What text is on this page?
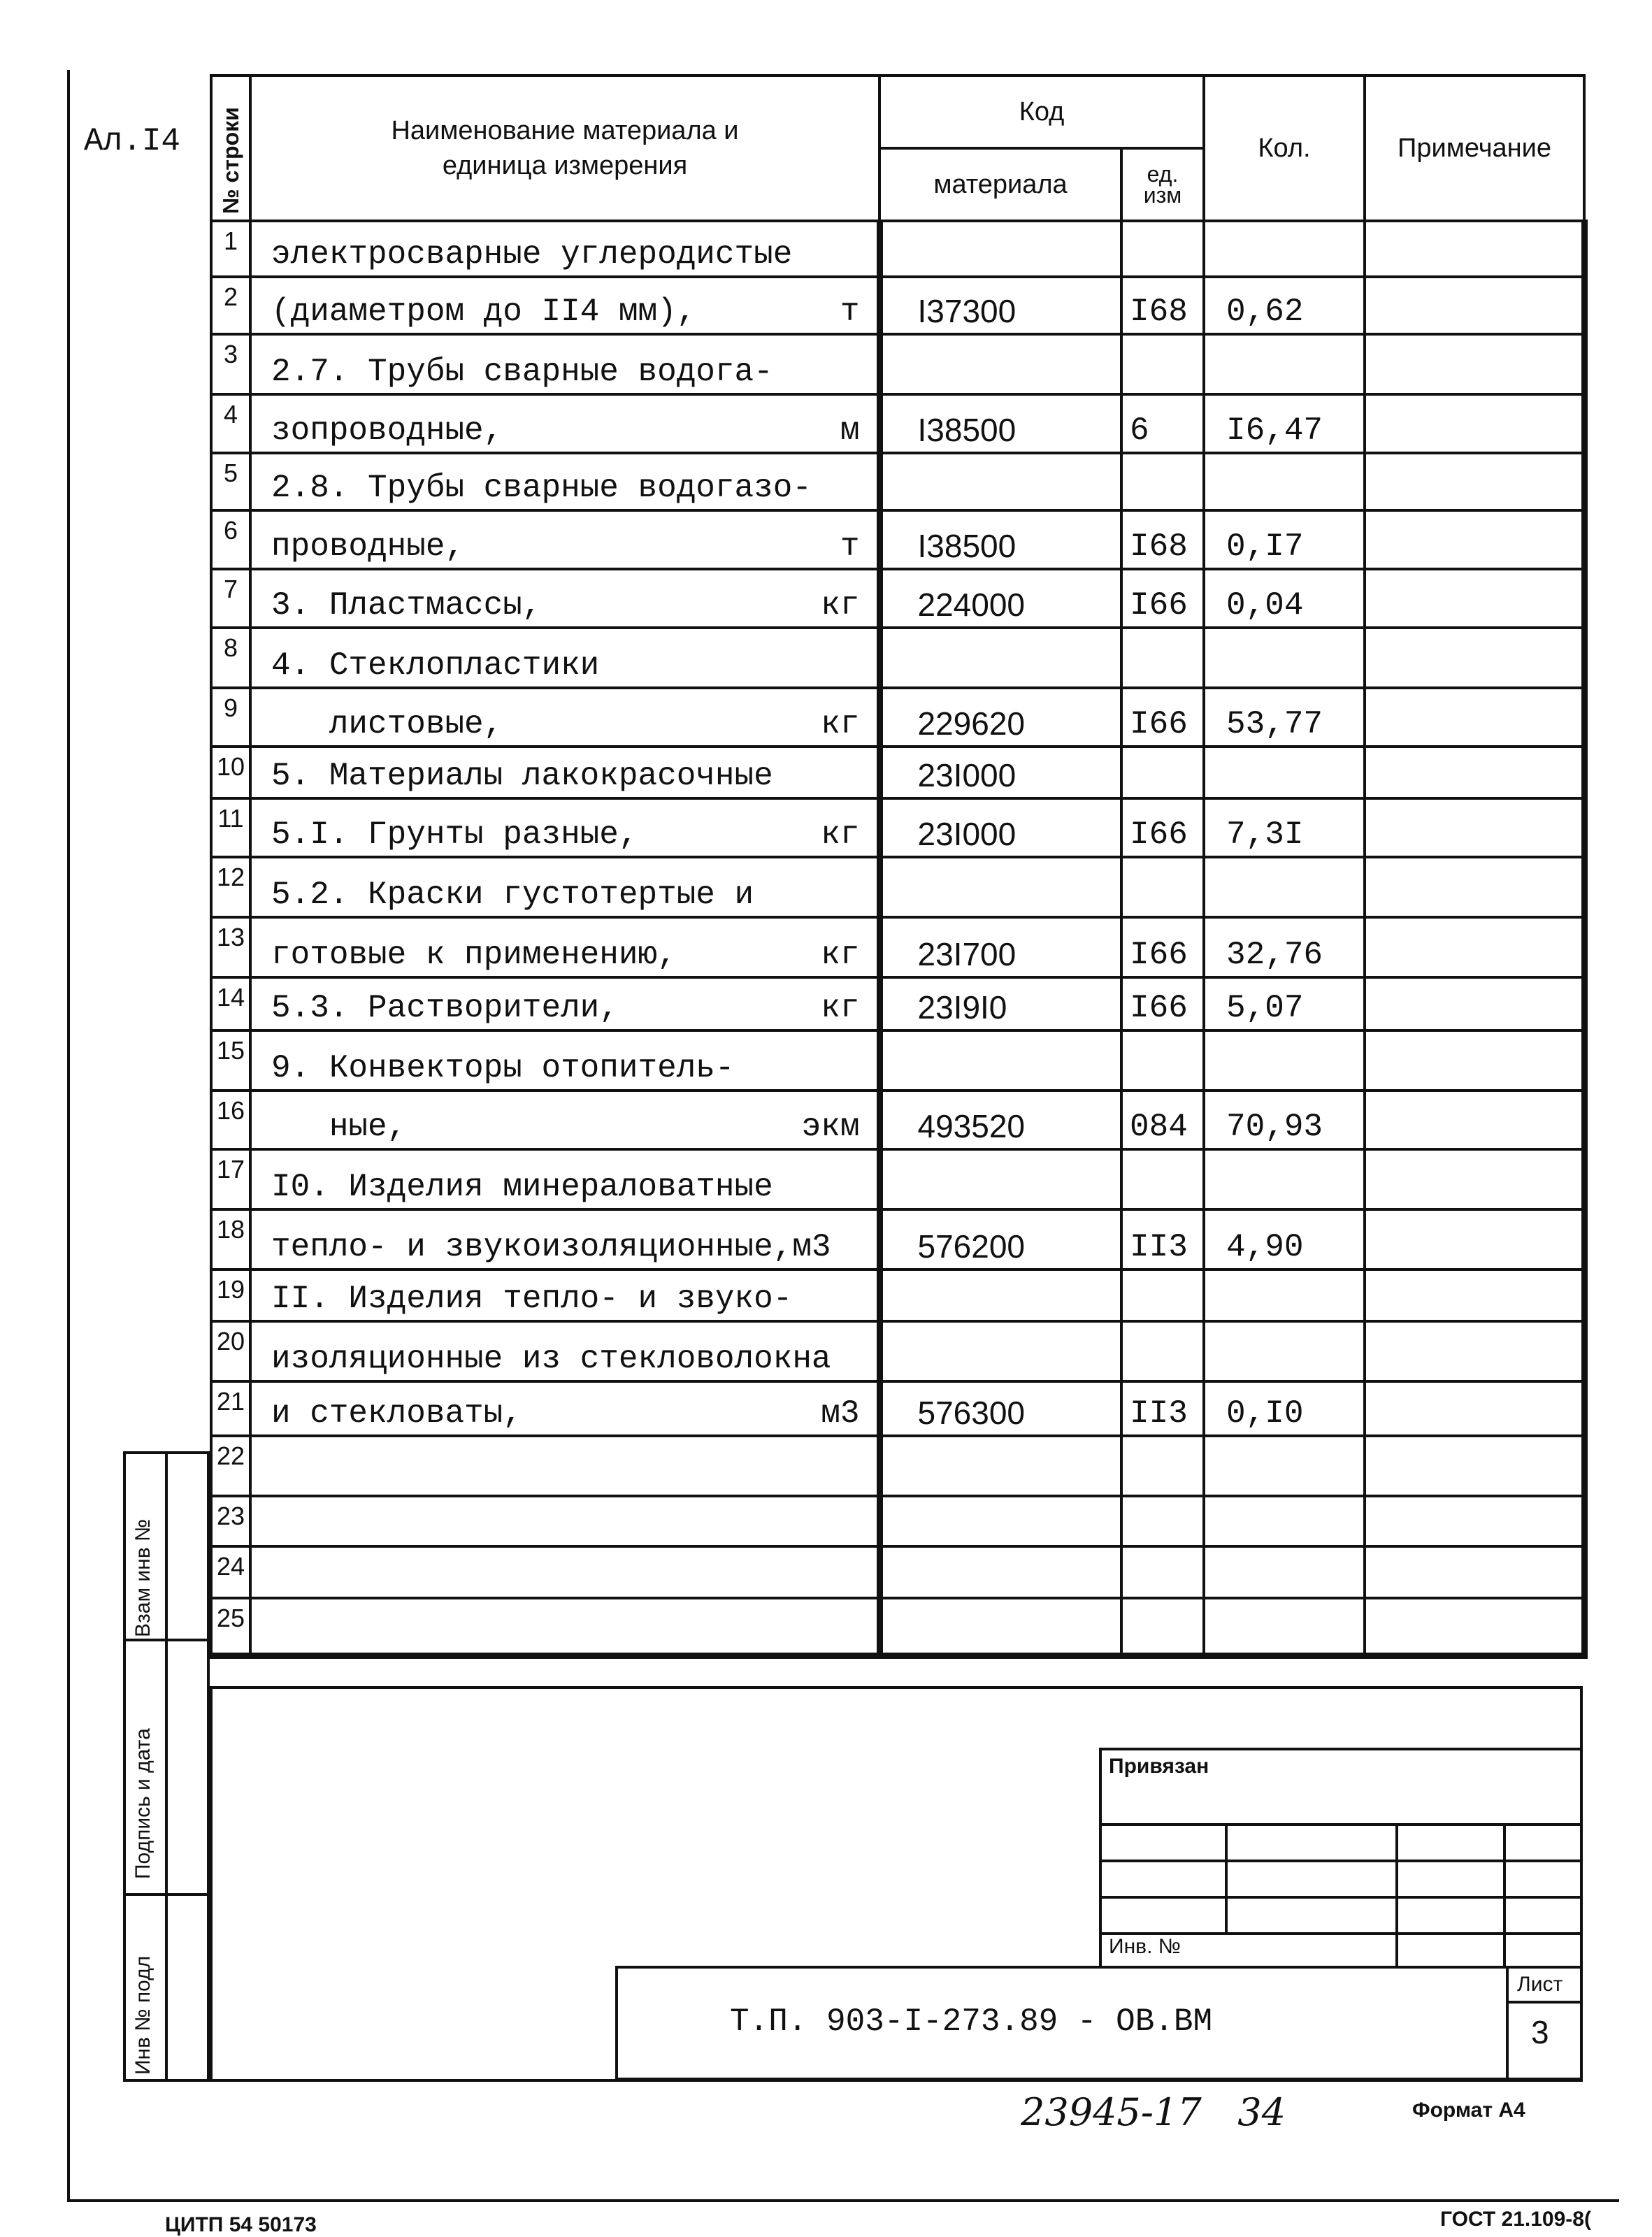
Ал.I4 № строки	Наименование материала и единица измерения	Код		Кол.	Примечание
		материала	ед. изм		

1	электросварные углеродистые

2	(диаметром до II4 мм), т	I37300	I68	0,62	
3	2.7. Трубы сварные водога-

4	зопроводные, м	I38500	6	I6,47	
5	2.8. Трубы сварные водогазо-

6	проводные, т	I38500	I68	0,I7	
7	3. Пластмассы, кг	224000	I66	0,04	
8	4. Стеклопластики

9	листовые, кг	229620	I66	53,77	
10	5. Материалы лакокрасочные	23I000			
11	5.I. Грунты разные, кг	23I000	I66	7,3I	
12	5.2. Краски густотертые и

13	готовые к применению, кг	23I700	I66	32,76	
14	5.3. Растворители, кг	23I9I0	I66	5,07	
15	9. Конвекторы отопитель-

16	ные, экм	493520	084	70,93	
17	I0. Изделия минераловатные

18	тепло- и звукоизоляционные,м3	576200	II3	4,90	
19	II. Изделия тепло- и звуко-

20	изоляционные из стекловолокна

21	и стекловаты, м3	576300	II3	0,I0	
22	

23	

24	

25	

Взам инв №
Подпись и дата
Инв № подл
Привязан
Инв. №
Т.П. 903-I-273.89 - ОВ.ВМ
Лист
3
23945-17   34	Формат А4
ЦИТП 54 50173	ГОСТ 21.109-8(
